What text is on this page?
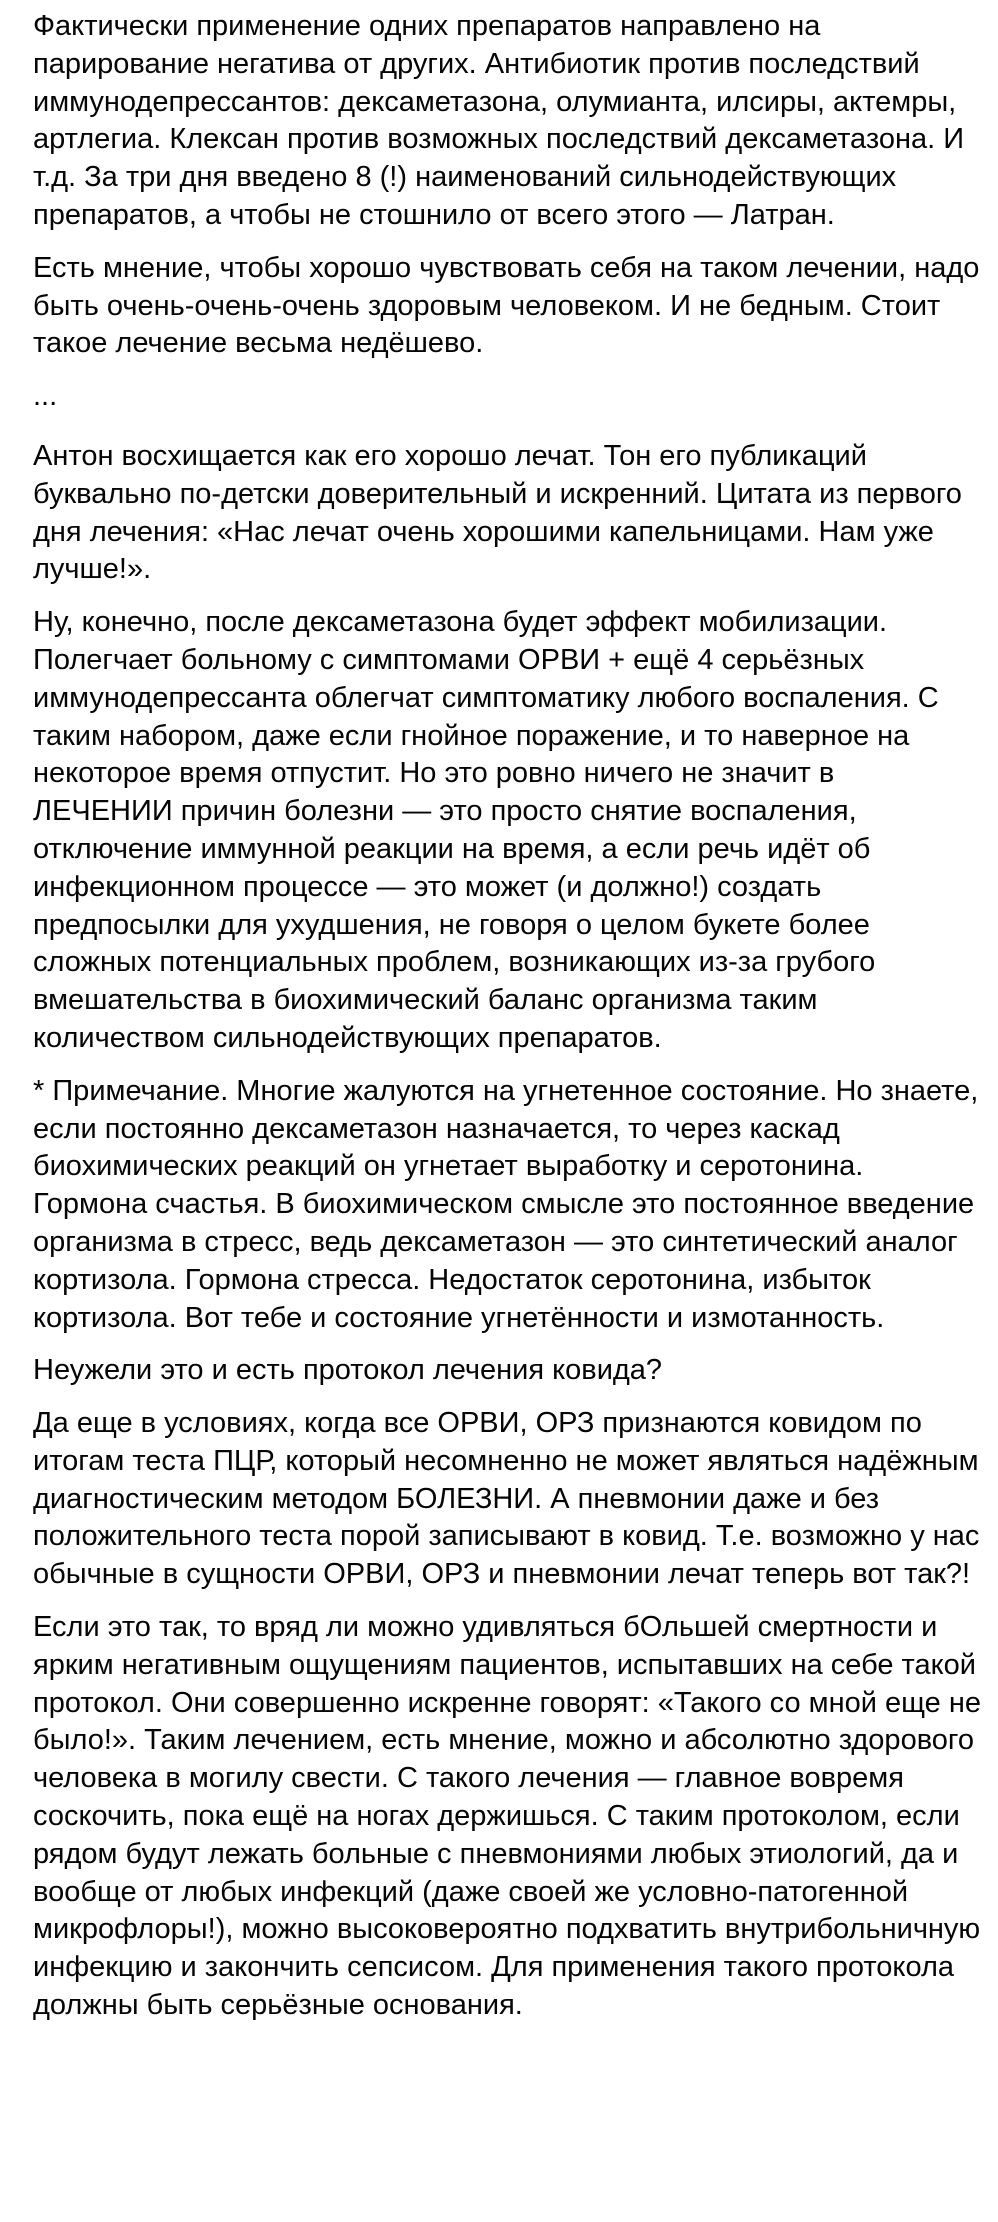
Фактически применение одних препаратов направлено на парирование негатива от других. Антибиотик против последствий иммунодепрессантов: дексаметазона, олумианта, илсиры, актемры, артлегиа. Клексан против возможных последствий дексаметазона. И т.д. За три дня введено 8 (!) наименований сильнодействующих препаратов, а чтобы не стошнило от всего этого — Латран.

Есть мнение, чтобы хорошо чувствовать себя на таком лечении, надо быть очень-очень-очень здоровым человеком. И не бедным. Стоит такое лечение весьма недёшево.

...

Антон восхищается как его хорошо лечат. Тон его публикаций буквально по-детски доверительный и искренний. Цитата из первого дня лечения: «Нас лечат очень хорошими капельницами. Нам уже лучше!».

Ну, конечно, после дексаметазона будет эффект мобилизации. Полегчает больному с симптомами ОРВИ + ещё 4 серьёзных иммунодепрессанта облегчат симптоматику любого воспаления. С таким набором, даже если гнойное поражение, и то наверное на некоторое время отпустит. Но это ровно ничего не значит в ЛЕЧЕНИИ причин болезни — это просто снятие воспаления, отключение иммунной реакции на время, а если речь идёт об инфекционном процессе — это может (и должно!) создать предпосылки для ухудшения, не говоря о целом букете более сложных потенциальных проблем, возникающих из-за грубого вмешательства в биохимический баланс организма таким количеством сильнодействующих препаратов.

* Примечание. Многие жалуются на угнетенное состояние. Но знаете, если постоянно дексаметазон назначается, то через каскад биохимических реакций он угнетает выработку и серотонина. Гормона счастья. В биохимическом смысле это постоянное введение организма в стресс, ведь дексаметазон — это синтетический аналог кортизола. Гормона стресса. Недостаток серотонина, избыток кортизола. Вот тебе и состояние угнетённости и измотанность.

Неужели это и есть протокол лечения ковида?

Да еще в условиях, когда все ОРВИ, ОРЗ признаются ковидом по итогам теста ПЦР, который несомненно не может являться надёжным диагностическим методом БОЛЕЗНИ. А пневмонии даже и без положительного теста порой записывают в ковид. Т.е. возможно у нас обычные в сущности ОРВИ, ОРЗ и пневмонии лечат теперь вот так?!

Если это так, то вряд ли можно удивляться бОльшей смертности и ярким негативным ощущениям пациентов, испытавших на себе такой протокол. Они совершенно искренне говорят: «Такого со мной еще не было!». Таким лечением, есть мнение, можно и абсолютно здорового человека в могилу свести. С такого лечения — главное вовремя соскочить, пока ещё на ногах держишься. С таким протоколом, если рядом будут лежать больные с пневмониями любых этиологий, да и вообще от любых инфекций (даже своей же условно-патогенной микрофлоры!), можно высоковероятно подхватить внутрибольничную инфекцию и закончить сепсисом. Для применения такого протокола должны быть серьёзные основания.
